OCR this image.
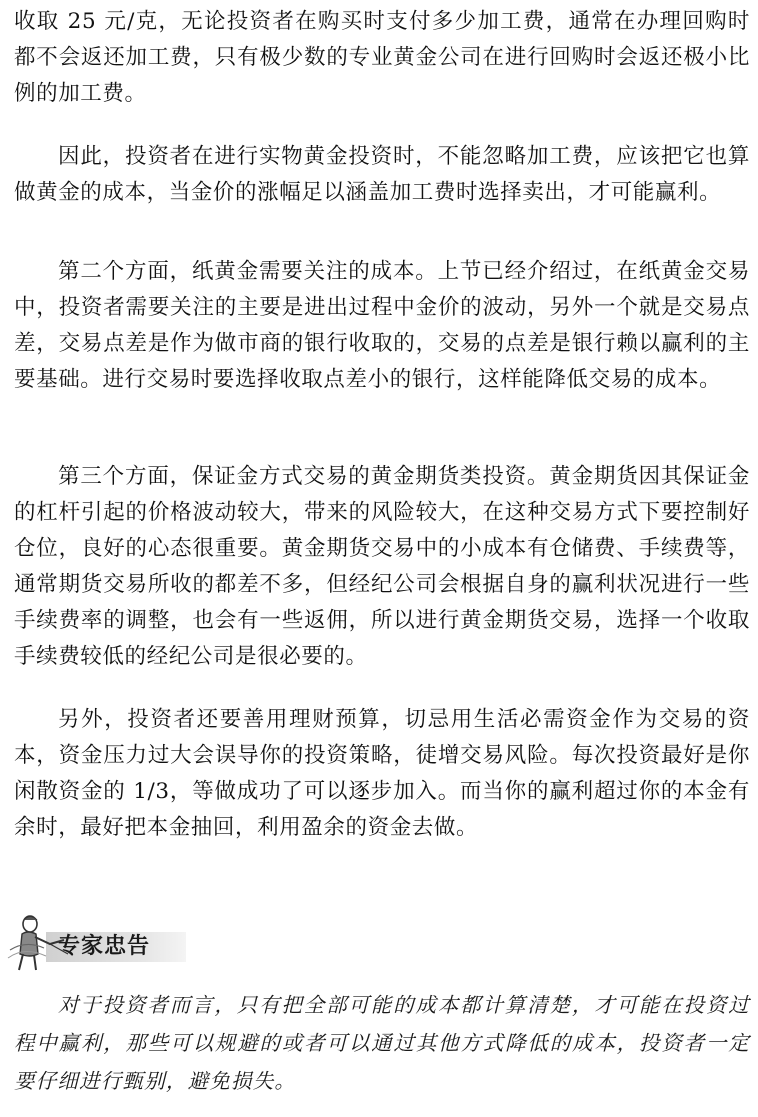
收取 25 元/克，无论投资者在购买时支付多少加工费，通常在办理回购时都不会返还加工费，只有极少数的专业黄金公司在进行回购时会返还极小比例的加工费。

因此，投资者在进行实物黄金投资时，不能忽略加工费，应该把它也算做黄金的成本，当金价的涨幅足以涵盖加工费时选择卖出，才可能赢利。

第二个方面，纸黄金需要关注的成本。上节已经介绍过，在纸黄金交易中，投资者需要关注的主要是进出过程中金价的波动，另外一个就是交易点差，交易点差是作为做市商的银行收取的，交易的点差是银行赖以赢利的主要基础。进行交易时要选择收取点差小的银行，这样能降低交易的成本。

第三个方面，保证金方式交易的黄金期货类投资。黄金期货因其保证金的杠杆引起的价格波动较大，带来的风险较大，在这种交易方式下要控制好仓位，良好的心态很重要。黄金期货交易中的小成本有仓储费、手续费等，通常期货交易所收的都差不多，但经纪公司会根据自身的赢利状况进行一些手续费率的调整，也会有一些返佣，所以进行黄金期货交易，选择一个收取手续费较低的经纪公司是很必要的。

另外，投资者还要善用理财预算，切忌用生活必需资金作为交易的资本，资金压力过大会误导你的投资策略，徒增交易风险。每次投资最好是你闲散资金的 1/3，等做成功了可以逐步加入。而当你的赢利超过你的本金有余时，最好把本金抽回，利用盈余的资金去做。

专家忠告

对于投资者而言，只有把全部可能的成本都计算清楚，才可能在投资过程中赢利，那些可以规避的或者可以通过其他方式降低的成本，投资者一定要仔细进行甄别，避免损失。
